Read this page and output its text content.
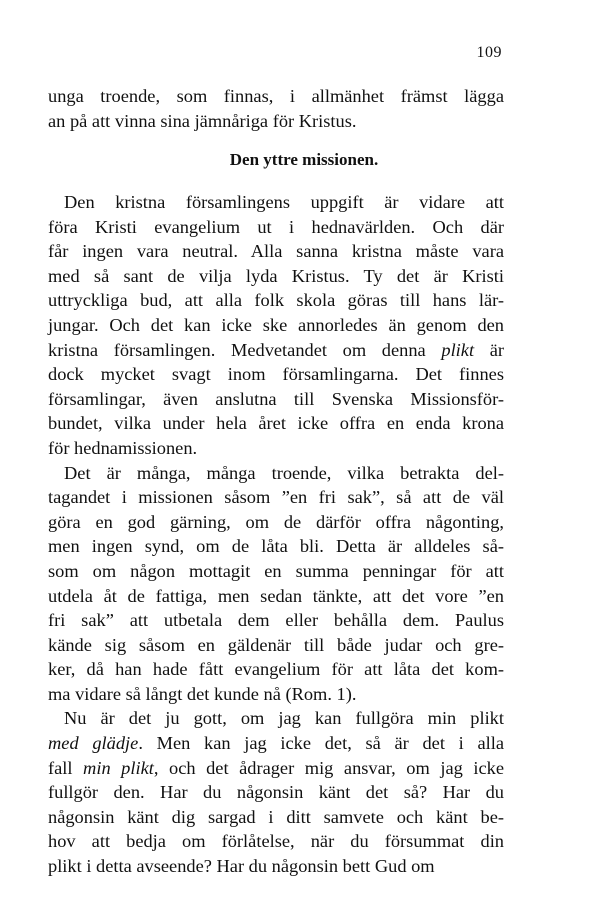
109
unga troende, som finnas, i allmänhet främst lägga
an på att vinna sina jämnåriga för Kristus.
Den yttre missionen.
Den kristna församlingens uppgift är vidare att
föra Kristi evangelium ut i hednavärlden. Och där
får ingen vara neutral. Alla sanna kristna måste vara
med så sant de vilja lyda Kristus. Ty det är Kristi
uttryckliga bud, att alla folk skola göras till hans lär-
jungar. Och det kan icke ske annorledes än genom den
kristna församlingen. Medvetandet om denna plikt är
dock mycket svagt inom församlingarna. Det finnes
församlingar, även anslutna till Svenska Missionsför-
bundet, vilka under hela året icke offra en enda krona
för hednamissionen.
Det är många, många troende, vilka betrakta del-
tagandet i missionen såsom ”en fri sak”, så att de väl
göra en god gärning, om de därför offra någonting,
men ingen synd, om de låta bli. Detta är alldeles så-
som om någon mottagit en summa penningar för att
utdela åt de fattiga, men sedan tänkte, att det vore ”en
fri sak” att utbetala dem eller behålla dem. Paulus
kände sig såsom en gäldenär till både judar och gre-
ker, då han hade fått evangelium för att låta det kom-
ma vidare så långt det kunde nå (Rom. 1).
Nu är det ju gott, om jag kan fullgöra min plikt
med glädje. Men kan jag icke det, så är det i alla
fall min plikt, och det ådrager mig ansvar, om jag icke
fullgör den. Har du någonsin känt det så? Har du
någonsin känt dig sargad i ditt samvete och känt be-
hov att bedja om förlåtelse, när du försummat din
plikt i detta avseende? Har du någonsin bett Gud om
